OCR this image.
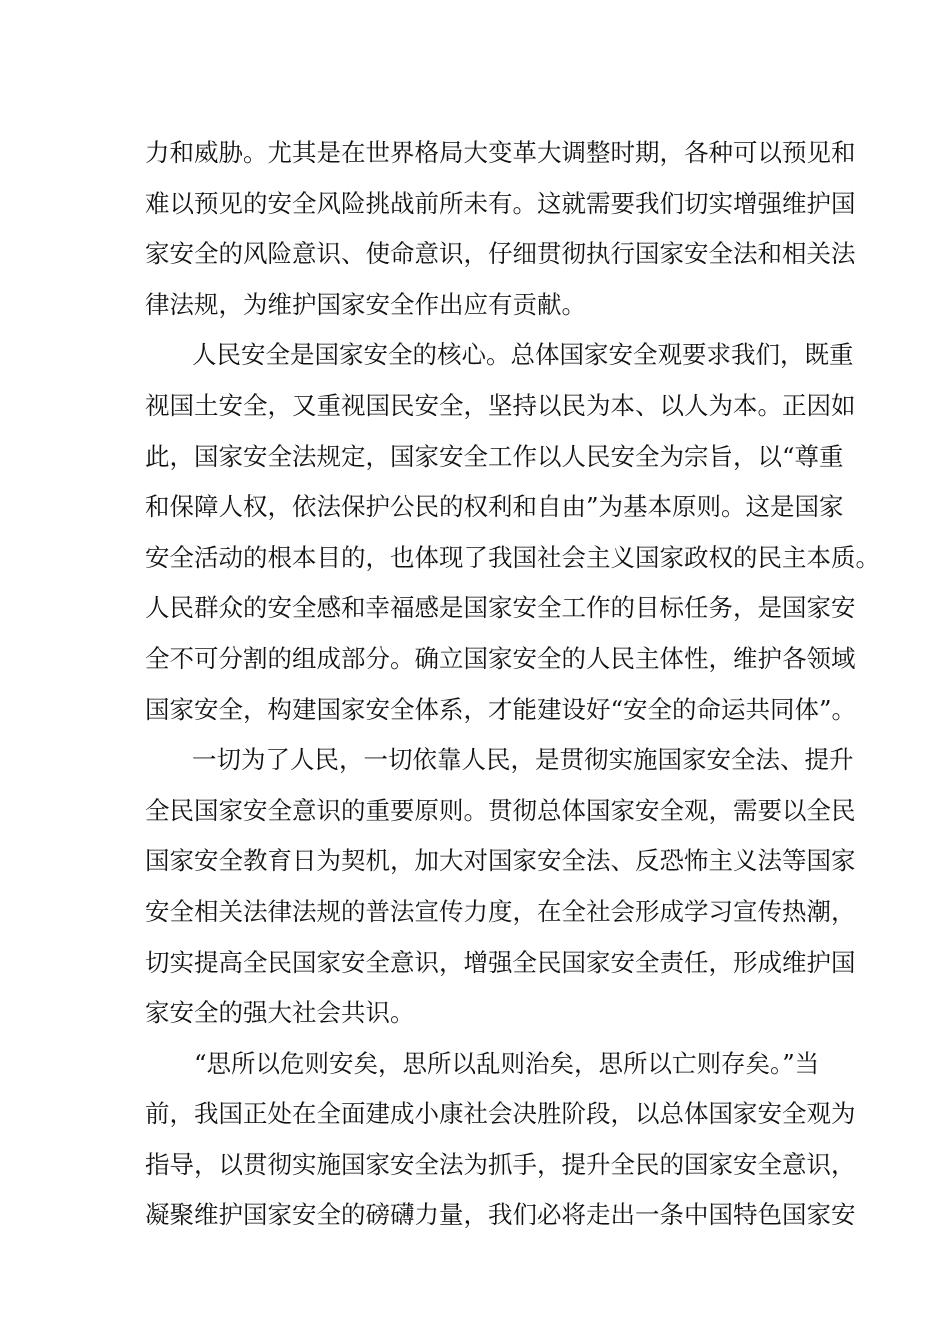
力和威胁。尤其是在世界格局大变革大调整时期，各种可以预见和
难以预见的安全风险挑战前所未有。这就需要我们切实增强维护国
家安全的风险意识、使命意识，仔细贯彻执行国家安全法和相关法
律法规，为维护国家安全作出应有贡献。
人民安全是国家安全的核心。总体国家安全观要求我们，既重
视国土安全，又重视国民安全，坚持以民为本、以人为本。正因如
此，国家安全法规定，国家安全工作以人民安全为宗旨，以“尊重
和保障人权，依法保护公民的权利和自由”为基本原则。这是国家
安全活动的根本目的，也体现了我国社会主义国家政权的民主本质。
人民群众的安全感和幸福感是国家安全工作的目标任务，是国家安
全不可分割的组成部分。确立国家安全的人民主体性，维护各领域
国家安全，构建国家安全体系，才能建设好“安全的命运共同体”。
一切为了人民，一切依靠人民，是贯彻实施国家安全法、提升
全民国家安全意识的重要原则。贯彻总体国家安全观，需要以全民
国家安全教育日为契机，加大对国家安全法、反恐怖主义法等国家
安全相关法律法规的普法宣传力度，在全社会形成学习宣传热潮，
切实提高全民国家安全意识，增强全民国家安全责任，形成维护国
家安全的强大社会共识。
“思所以危则安矣，思所以乱则治矣，思所以亡则存矣。”当
前，我国正处在全面建成小康社会决胜阶段，以总体国家安全观为
指导，以贯彻实施国家安全法为抓手，提升全民的国家安全意识，
凝聚维护国家安全的磅礴力量，我们必将走出一条中国特色国家安
